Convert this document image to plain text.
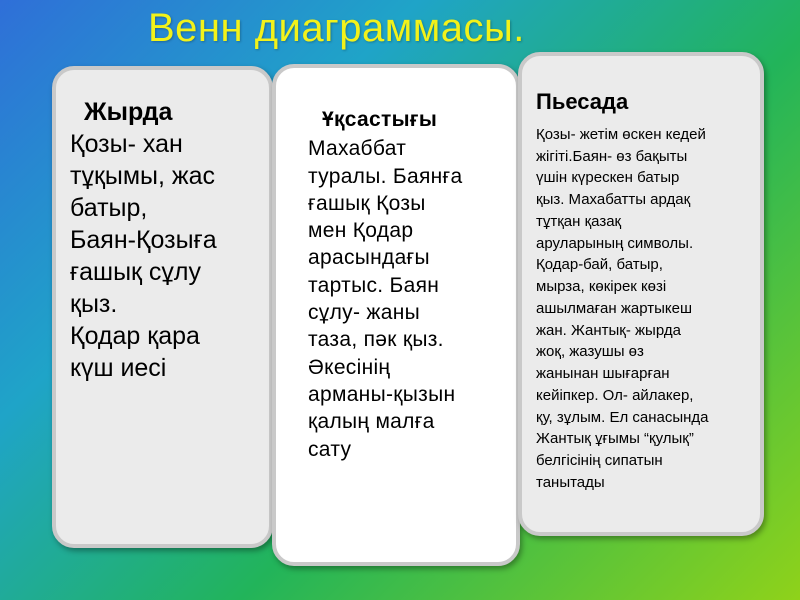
Венн диаграммасы.
Жырда
Қозы- хан
тұқымы, жас
батыр,
Баян-Қозыға
ғашық сұлу
қыз.
Қодар қара
күш иесі
Ұқсастығы
Махаббат
туралы. Баянға
ғашық Қозы
мен Қодар
арасындағы
тартыс. Баян
сұлу- жаны
таза, пәк қыз.
Әкесінің
арманы-қызын
қалың малға
сату
Пьесада
Қозы- жетім өскен кедей
жігіті.Баян- өз бақыты
үшін күрескен батыр
қыз. Махабатты ардақ
тұтқан қазақ
аруларының символы.
Қодар-бай, батыр,
мырза, көкірек көзі
ашылмаған жартыкеш
жан. Жантық- жырда
жоқ, жазушы өз
жанынан шығарған
кейіпкер. Ол- айлакер,
қу, зұлым. Ел санасында
Жантық ұғымы “қулық”
белгісінің сипатын
танытады
